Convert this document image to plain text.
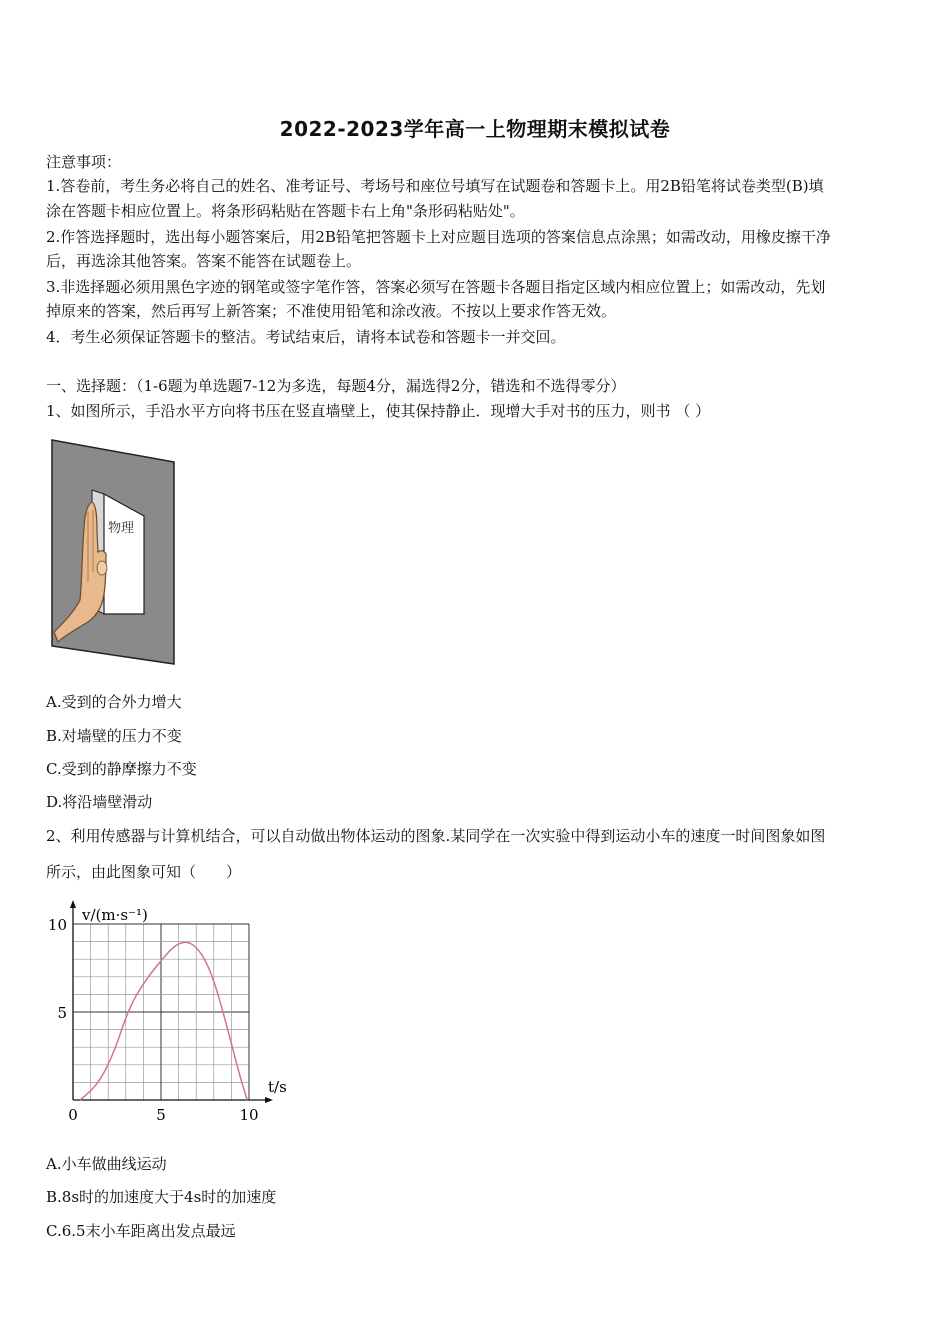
2022-2023学年高一上物理期末模拟试卷
注意事项：
1.答卷前，考生务必将自己的姓名、准考证号、考场号和座位号填写在试题卷和答题卡上。用2B铅笔将试卷类型(B)填
涂在答题卡相应位置上。将条形码粘贴在答题卡右上角"条形码粘贴处"。
2.作答选择题时，选出每小题答案后，用2B铅笔把答题卡上对应题目选项的答案信息点涂黑；如需改动，用橡皮擦干净
后，再选涂其他答案。答案不能答在试题卷上。
3.非选择题必须用黑色字迹的钢笔或签字笔作答，答案必须写在答题卡各题目指定区域内相应位置上；如需改动，先划
掉原来的答案，然后再写上新答案；不准使用铅笔和涂改液。不按以上要求作答无效。
4．考生必须保证答题卡的整洁。考试结束后，请将本试卷和答题卡一并交回。
一、选择题：（1-6题为单选题7-12为多选，每题4分，漏选得2分，错选和不选得零分）
1、如图所示，手沿水平方向将书压在竖直墙壁上，使其保持静止．现增大手对书的压力，则书 （ ）
物理
A.受到的合外力增大
B.对墙壁的压力不变
C.受到的静摩擦力不变
D.将沿墙壁滑动
2、利用传感器与计算机结合，可以自动做出物体运动的图象.某同学在一次实验中得到运动小车的速度一时间图象如图
所示，由此图象可知（　　）
v/(m·s⁻¹)
t/s
0	5	10
5
10
A.小车做曲线运动
B.8s时的加速度大于4s时的加速度
C.6.5末小车距离出发点最远
